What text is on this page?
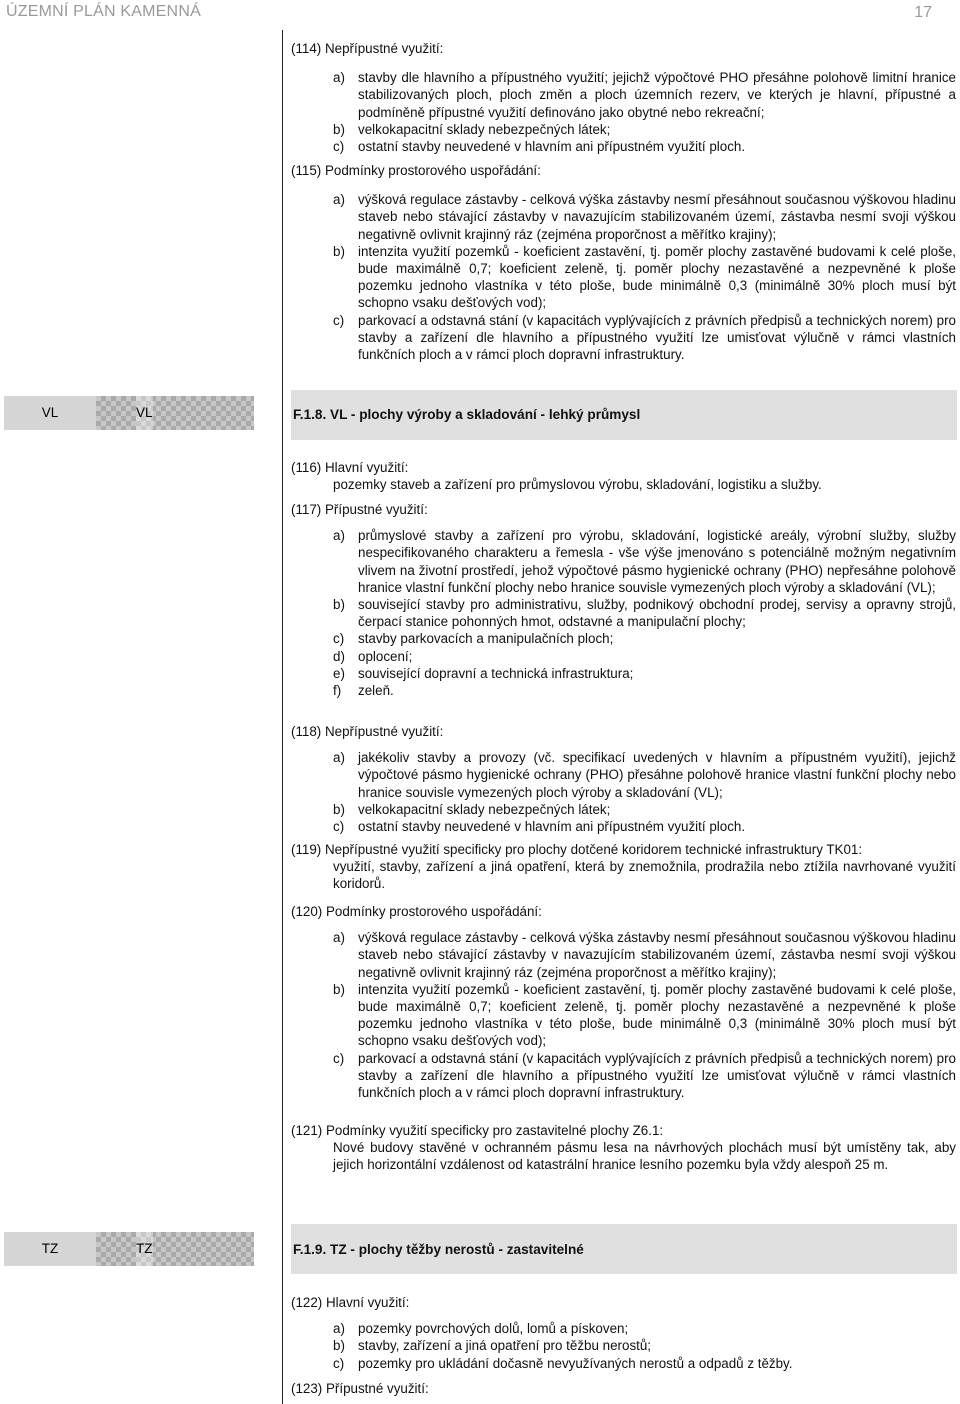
ÚZEMNÍ PLÁN KAMENNÁ	17

(114) Nepřípustné využití:

a) stavby dle hlavního a přípustného využití; jejichž výpočtové PHO přesáhne polohově limitní hranice stabilizovaných ploch, ploch změn a ploch územních rezerv, ve kterých je hlavní, přípustné a podmíněně přípustné využití definováno jako obytné nebo rekreační;
b) velkokapacitní sklady nebezpečných látek;
c)	ostatní stavby neuvedené v hlavním ani přípustném využití ploch.

(115) Podmínky prostorového uspořádání:

a) výšková regulace zástavby - celková výška zástavby nesmí přesáhnout současnou výškovou hladinu staveb nebo stávající zástavby v navazujícím stabilizovaném území, zástavba nesmí svoji výškou negativně ovlivnit krajinný ráz (zejména proporčnost a měřítko krajiny);
b) intenzita využití pozemků - koeficient zastavění, tj. poměr plochy zastavěné budovami k celé ploše, bude maximálně 0,7; koeficient zeleně, tj. poměr plochy nezastavěné a nezpevněné k ploše pozemku jednoho vlastníka v této ploše, bude minimálně 0,3 (minimálně 30% ploch musí být schopno vsaku dešťových vod);
c)	parkovací a odstavná stání (v kapacitách vyplývajících z právních předpisů a technických norem) pro stavby a zařízení dle hlavního a přípustného využití lze umisťovat výlučně v rámci vlastních funkčních ploch a v rámci ploch dopravní infrastruktury.
VL	VL	F.1.8. VL - plochy výroby a skladování - lehký průmysl

(116) Hlavní využití:

pozemky staveb a zařízení pro průmyslovou výrobu, skladování, logistiku a služby.

(117) Přípustné využití:

a) průmyslové stavby a zařízení pro výrobu, skladování, logistické areály, výrobní služby, služby nespecifikovaného charakteru a řemesla - vše výše jmenováno s potenciálně možným negativním vlivem na životní prostředí, jehož výpočtové pásmo hygienické ochrany (PHO) nepřesáhne polohově hranice vlastní funkční plochy nebo hranice souvisle vymezených ploch výroby a skladování (VL);
b) související stavby pro administrativu, služby, podnikový obchodní prodej, servisy a opravny strojů, čerpací stanice pohonných hmot, odstavné a manipulační plochy;
c)	stavby parkovacích a manipulačních ploch;
d) oplocení;
e) související dopravní a technická infrastruktura;
f)	zeleň.

(118) Nepřípustné využití:

a) jakékoliv stavby a provozy (vč. specifikací uvedených v hlavním a přípustném využití), jejichž výpočtové pásmo hygienické ochrany (PHO) přesáhne polohově hranice vlastní funkční plochy nebo hranice souvisle vymezených ploch výroby a skladování (VL);
b) velkokapacitní sklady nebezpečných látek;
c)	ostatní stavby neuvedené v hlavním ani přípustném využití ploch.

(119) Nepřípustné využití specificky pro plochy dotčené koridorem technické infrastruktury TK01:

využití, stavby, zařízení a jiná opatření, která by znemožnila, prodražila nebo ztížila navrhované využití koridorů.

(120) Podmínky prostorového uspořádání:

a) výšková regulace zástavby - celková výška zástavby nesmí přesáhnout současnou výškovou hladinu staveb nebo stávající zástavby v navazujícím stabilizovaném území, zástavba nesmí svoji výškou negativně ovlivnit krajinný ráz (zejména proporčnost a měřítko krajiny);
b) intenzita využití pozemků - koeficient zastavění, tj. poměr plochy zastavěné budovami k celé ploše, bude maximálně 0,7; koeficient zeleně, tj. poměr plochy nezastavěné a nezpevněné k ploše pozemku jednoho vlastníka v této ploše, bude minimálně 0,3 (minimálně 30% ploch musí být schopno vsaku dešťových vod);
c)	parkovací a odstavná stání (v kapacitách vyplývajících z právních předpisů a technických norem) pro stavby a zařízení dle hlavního a přípustného využití lze umisťovat výlučně v rámci vlastních funkčních ploch a v rámci ploch dopravní infrastruktury.

(121) Podmínky využití specificky pro zastavitelné plochy Z6.1:

Nové budovy stavěné v ochranném pásmu lesa na návrhových plochách musí být umístěny tak, aby jejich horizontální vzdálenost od katastrální hranice lesního pozemku byla vždy alespoň 25 m.
TZ	TZ	F.1.9. TZ - plochy těžby nerostů - zastavitelné

(122) Hlavní využití:

a) pozemky povrchových dolů, lomů a pískoven;
b) stavby, zařízení a jiná opatření pro těžbu nerostů;
c)	pozemky pro ukládání dočasně nevyužívaných nerostů a odpadů z těžby.

(123) Přípustné využití:
